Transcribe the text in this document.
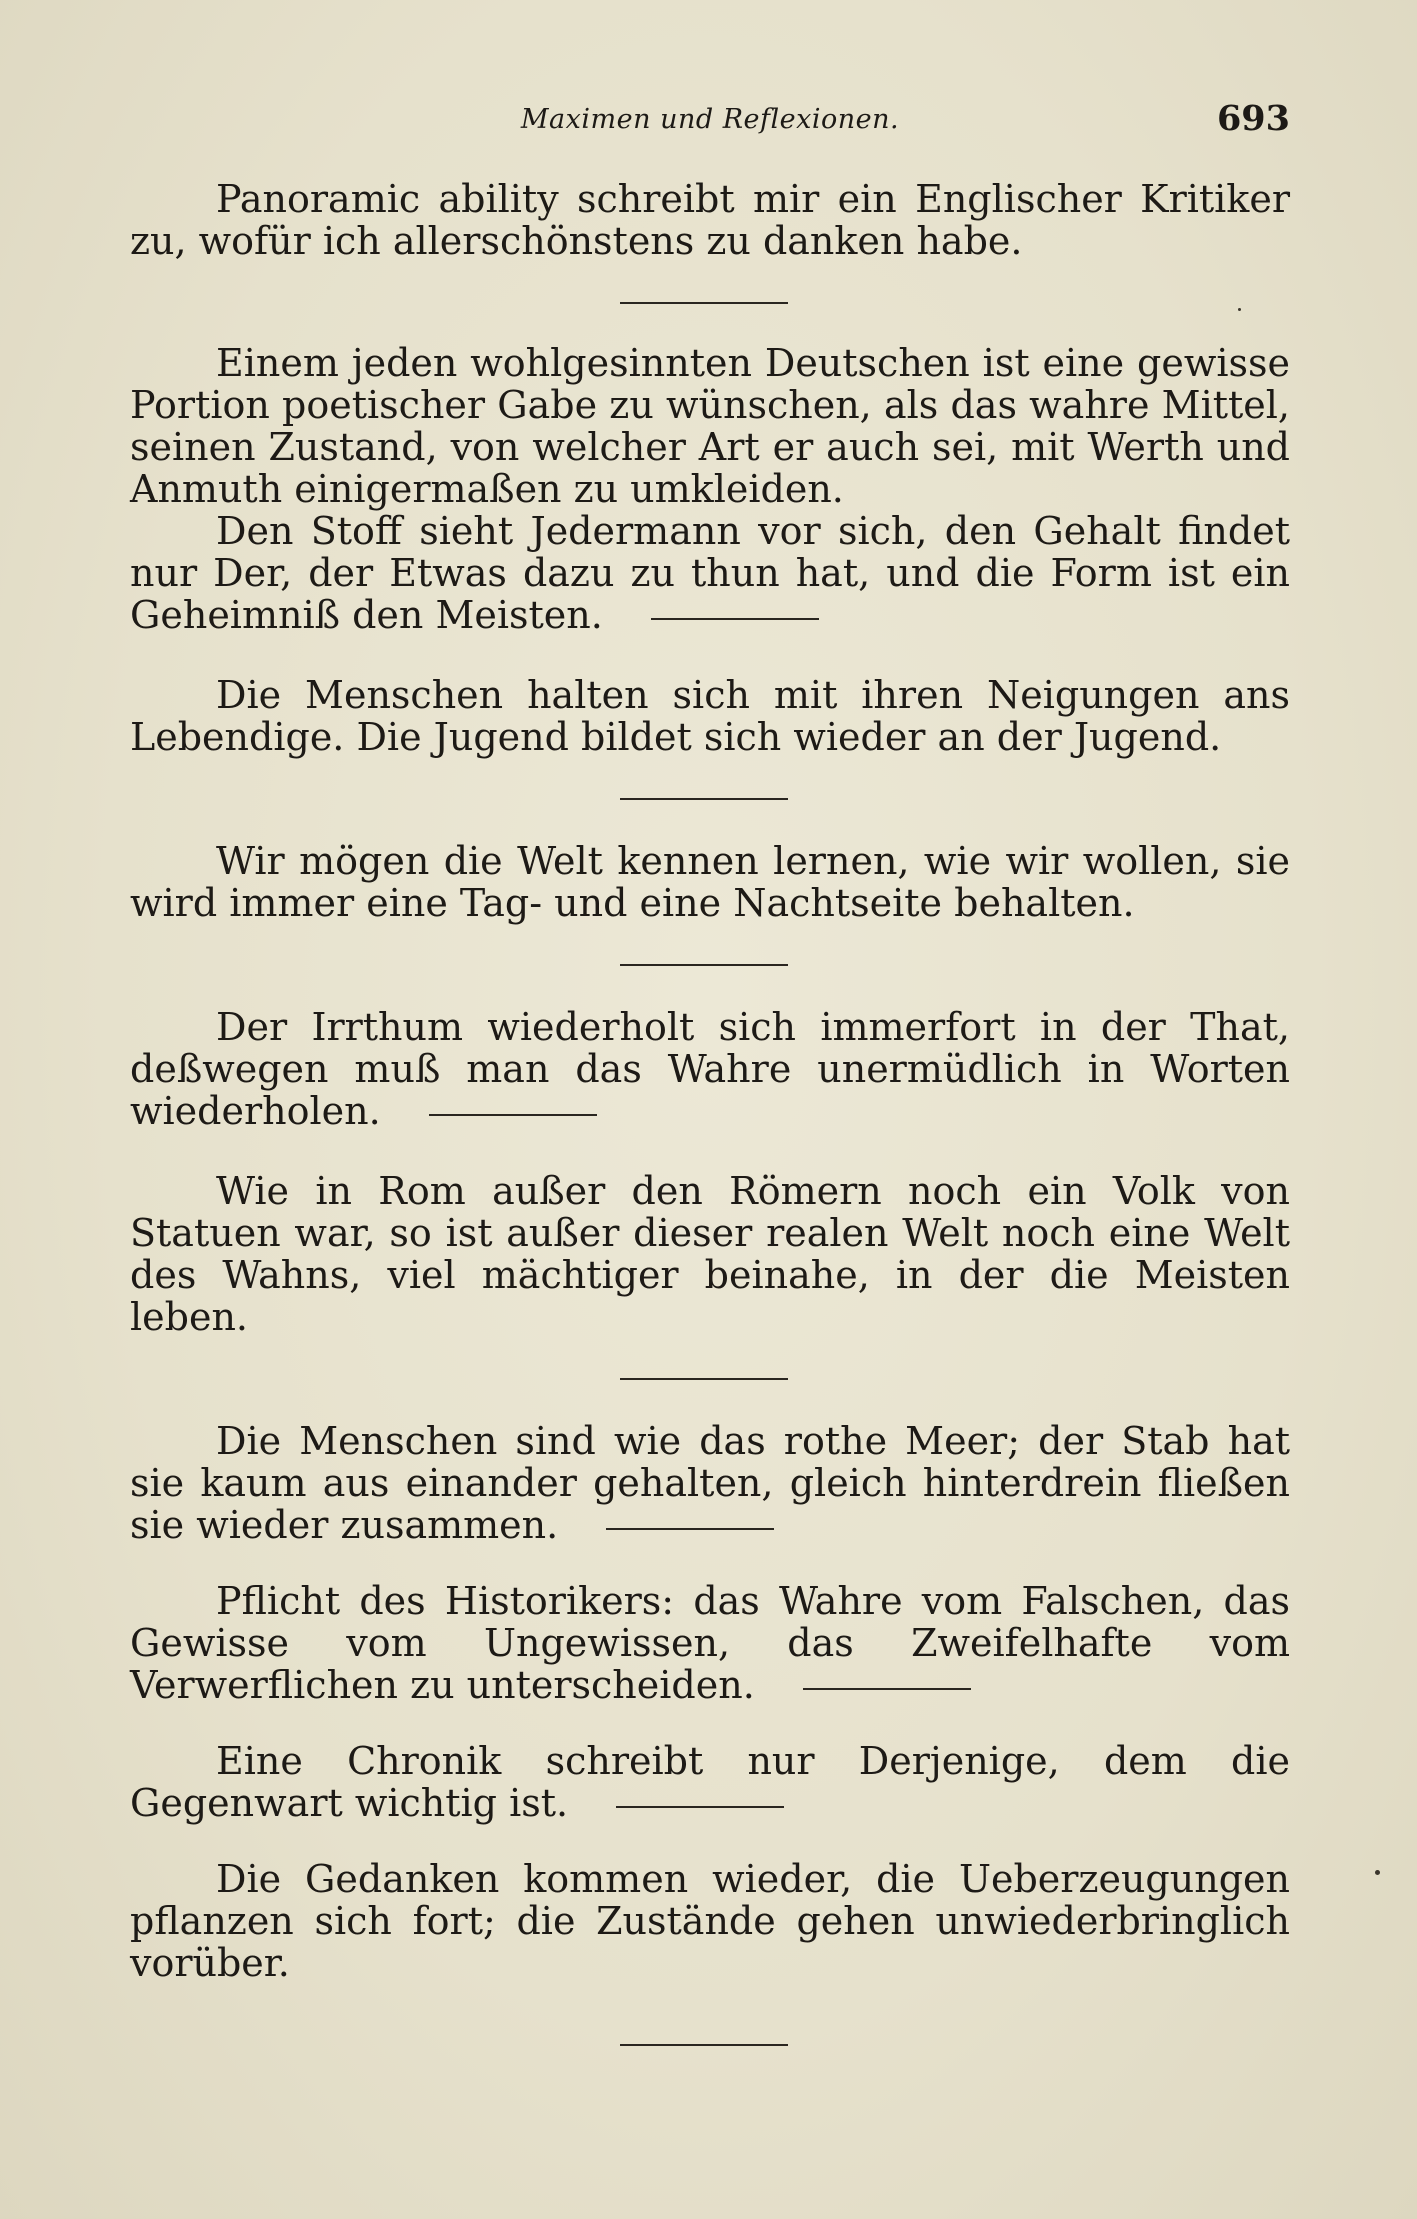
Maximen und Reflexionen.	693

Panoramic ability schreibt mir ein Englischer Kritiker zu, wofür ich allerschönstens zu danken habe.

Einem jeden wohlgesinnten Deutschen ist eine gewisse Portion poetischer Gabe zu wünschen, als das wahre Mittel, seinen Zustand, von welcher Art er auch sei, mit Werth und Anmuth einigermaßen zu umkleiden.

Den Stoff sieht Jedermann vor sich, den Gehalt findet nur Der, der Etwas dazu zu thun hat, und die Form ist ein Geheimniß den Meisten.

Die Menschen halten sich mit ihren Neigungen ans Lebendige. Die Jugend bildet sich wieder an der Jugend.

Wir mögen die Welt kennen lernen, wie wir wollen, sie wird immer eine Tag- und eine Nachtseite behalten.

Der Irrthum wiederholt sich immerfort in der That, deßwegen muß man das Wahre unermüdlich in Worten wiederholen.

Wie in Rom außer den Römern noch ein Volk von Statuen war, so ist außer dieser realen Welt noch eine Welt des Wahns, viel mächtiger beinahe, in der die Meisten leben.

Die Menschen sind wie das rothe Meer; der Stab hat sie kaum aus einander gehalten, gleich hinterdrein fließen sie wieder zusammen.

Pflicht des Historikers: das Wahre vom Falschen, das Gewisse vom Ungewissen, das Zweifelhafte vom Verwerflichen zu unterscheiden.

Eine Chronik schreibt nur Derjenige, dem die Gegenwart wichtig ist.

Die Gedanken kommen wieder, die Ueberzeugungen pflanzen sich fort; die Zustände gehen unwiederbringlich vorüber.
